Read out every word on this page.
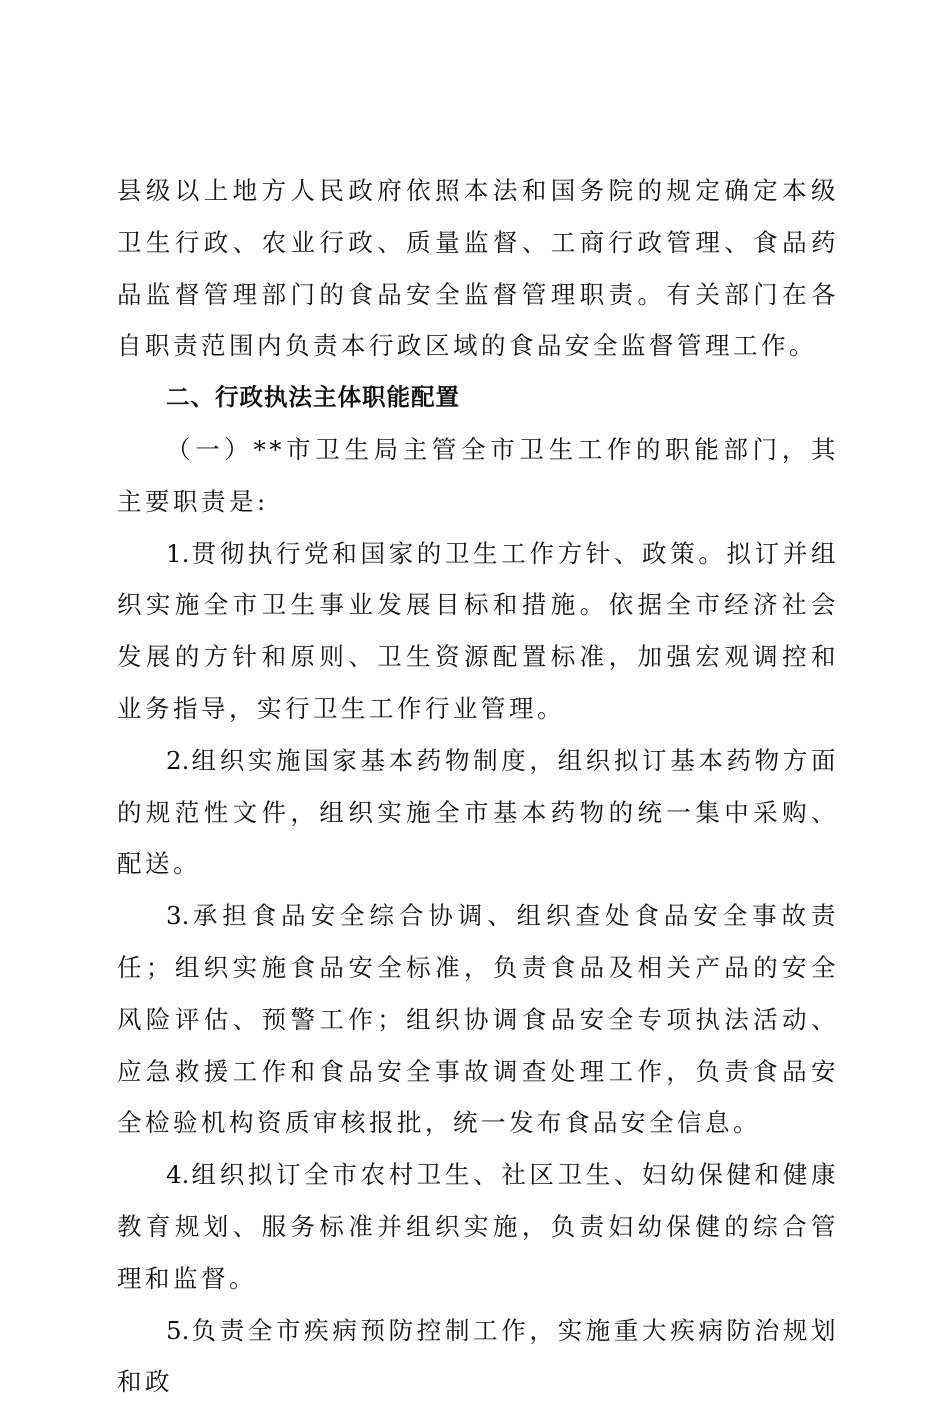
县级以上地方人民政府依照本法和国务院的规定确定本级卫生行政、农业行政、质量监督、工商行政管理、食品药品监督管理部门的食品安全监督管理职责。有关部门在各自职责范围内负责本行政区域的食品安全监督管理工作。

二、行政执法主体职能配置

（一）**市卫生局主管全市卫生工作的职能部门，其主要职责是:

1.贯彻执行党和国家的卫生工作方针、政策。拟订并组织实施全市卫生事业发展目标和措施。依据全市经济社会发展的方针和原则、卫生资源配置标准，加强宏观调控和业务指导，实行卫生工作行业管理。

2.组织实施国家基本药物制度，组织拟订基本药物方面的规范性文件，组织实施全市基本药物的统一集中采购、配送。

3.承担食品安全综合协调、组织查处食品安全事故责任；组织实施食品安全标准，负责食品及相关产品的安全风险评估、预警工作；组织协调食品安全专项执法活动、应急救援工作和食品安全事故调查处理工作，负责食品安全检验机构资质审核报批，统一发布食品安全信息。

4.组织拟订全市农村卫生、社区卫生、妇幼保健和健康教育规划、服务标准并组织实施，负责妇幼保健的综合管理和监督。

5.负责全市疾病预防控制工作，实施重大疾病防治规划和政
